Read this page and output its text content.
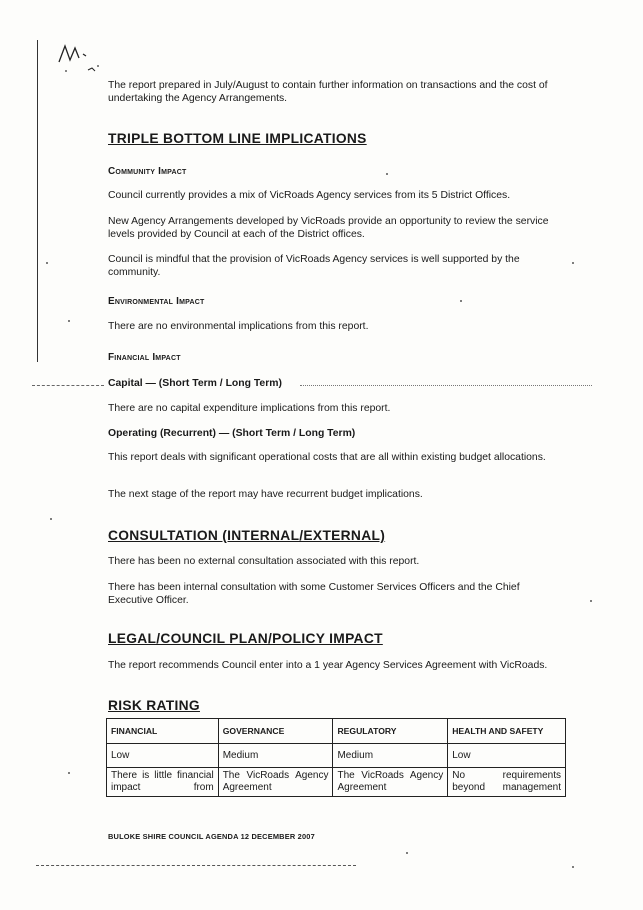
The report prepared in July/August to contain further information on transactions and the cost of undertaking the Agency Arrangements.

TRIPLE BOTTOM LINE IMPLICATIONS
Community Impact

Council currently provides a mix of VicRoads Agency services from its 5 District Offices.

New Agency Arrangements developed by VicRoads provide an opportunity to review the service levels provided by Council at each of the District offices.

Council is mindful that the provision of VicRoads Agency services is well supported by the community.

Environmental Impact

There are no environmental implications from this report.

Financial Impact

Capital — (Short Term / Long Term)

There are no capital expenditure implications from this report.

Operating (Recurrent) — (Short Term / Long Term)

This report deals with significant operational costs that are all within existing budget allocations.

The next stage of the report may have recurrent budget implications.

CONSULTATION (INTERNAL/EXTERNAL)

There has been no external consultation associated with this report.

There has been internal consultation with some Customer Services Officers and the Chief Executive Officer.

LEGAL/COUNCIL PLAN/POLICY IMPACT

The report recommends Council enter into a 1 year Agency Services Agreement with VicRoads.

RISK RATING
FINANCIAL	GOVERNANCE	REGULATORY	HEALTH AND SAFETY
Low	Medium	Medium	Low
There is little financial impact from	The VicRoads Agency Agreement	The VicRoads Agency Agreement	No requirements beyond management
BULOKE SHIRE COUNCIL AGENDA 12 DECEMBER 2007
